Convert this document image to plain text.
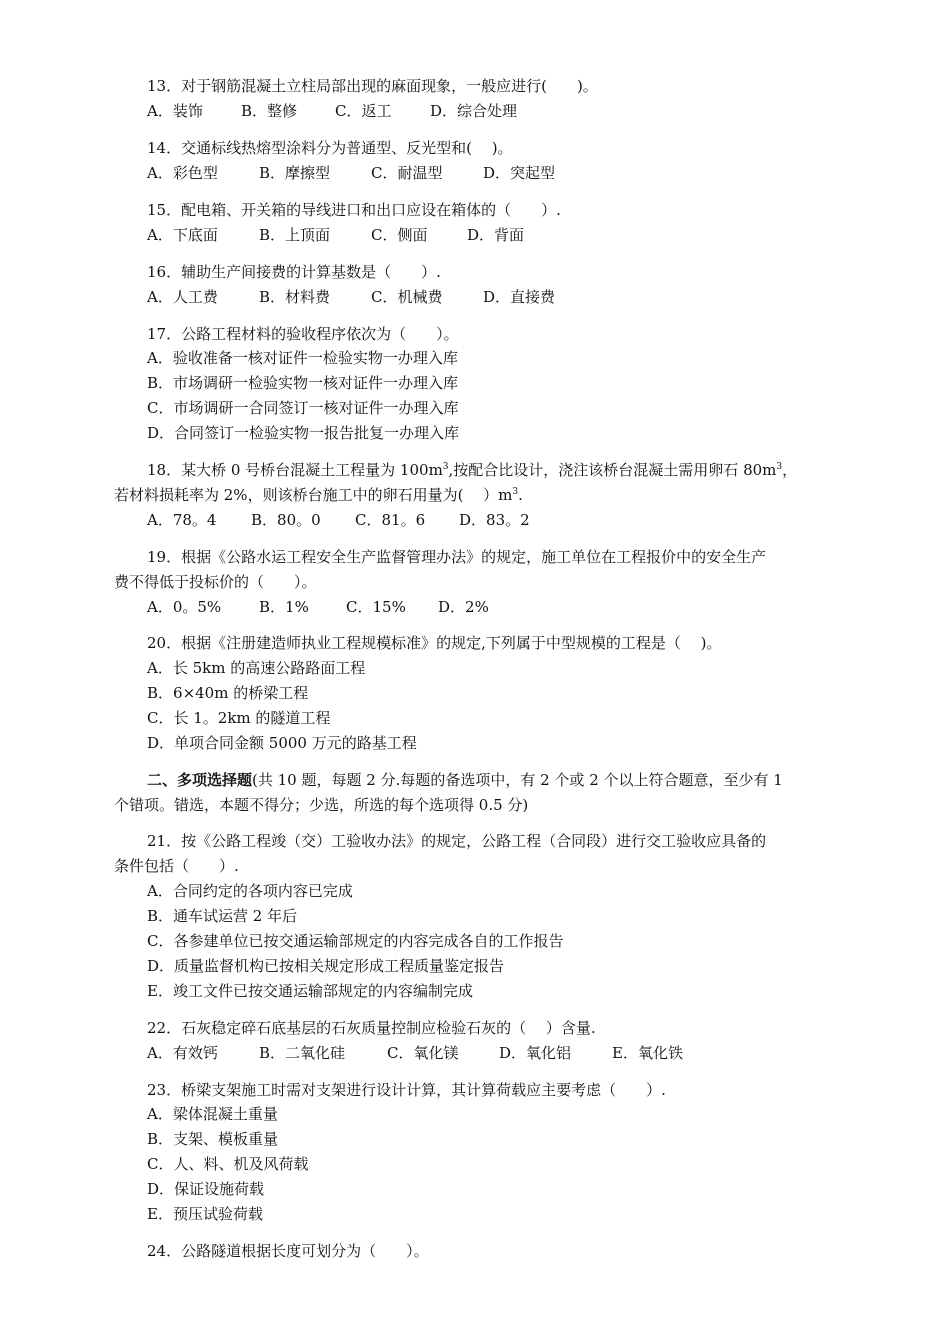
13．对于钢筋混凝土立柱局部出现的麻面现象，一般应进行(　　)。
A．装饰	B．整修	C．返工	D．综合处理
14．交通标线热熔型涂料分为普通型、反光型和(　 )。
A．彩色型	B．摩擦型	C．耐温型	D．突起型
15．配电箱、开关箱的导线进口和出口应设在箱体的（　　）.
A．下底面	B．上顶面	C．侧面	D．背面
16．辅助生产间接费的计算基数是（　　）.
A．人工费	B．材料费	C．机械费	D．直接费
17．公路工程材料的验收程序依次为（　　）。
A．验收准备一核对证件一检验实物一办理入库
B．市场调研一检验实物一核对证件一办理入库
C．市场调研一合同签订一核对证件一办理入库
D．合同签订一检验实物一报告批复一办理入库
18．某大桥 0 号桥台混凝土工程量为 $100m^3$,按配合比设计，浇注该桥台混凝土需用卵石 $80m^3$，
若材料损耗率为 2%，则该桥台施工中的卵石用量为(　 ）$m^3$.
A．78。4 B．80。0 C．81。6 D．83。2
19．根据《公路水运工程安全生产监督管理办法》的规定，施工单位在工程报价中的安全生产
费不得低于投标价的（　　）。
A．0。5%	B．1% C．15% D．2%
20．根据《注册建造师执业工程规模标准》的规定,下列属于中型规模的工程是（　 )。
A．长 5km 的高速公路路面工程
B．6×40m 的桥梁工程
C．长 1。2km 的隧道工程
D．单项合同金额 5000 万元的路基工程
二、多项选择题(共 10 题，每题 2 分.每题的备选项中，有 2 个或 2 个以上符合题意，至少有 1
个错项。错选，本题不得分；少选，所选的每个选项得 0.5 分)
21．按《公路工程竣（交）工验收办法》的规定，公路工程（合同段）进行交工验收应具备的
条件包括（　　）.
A．合同约定的各项内容已完成
B．通车试运营 2 年后
C．各参建单位已按交通运输部规定的内容完成各自的工作报告
D．质量监督机构已按相关规定形成工程质量鉴定报告
E．竣工文件已按交通运输部规定的内容编制完成
22．石灰稳定碎石底基层的石灰质量控制应检验石灰的（　 ）含量.
A．有效钙	B．二氧化硅	C．氧化镁	D．氧化铝	E．氧化铁
23．桥梁支架施工时需对支架进行设计计算，其计算荷载应主要考虑（　　）.
A．梁体混凝土重量
B．支架、模板重量
C．人、料、机及风荷载
D．保证设施荷载
E．预压试验荷载
24．公路隧道根据长度可划分为（　　）。
